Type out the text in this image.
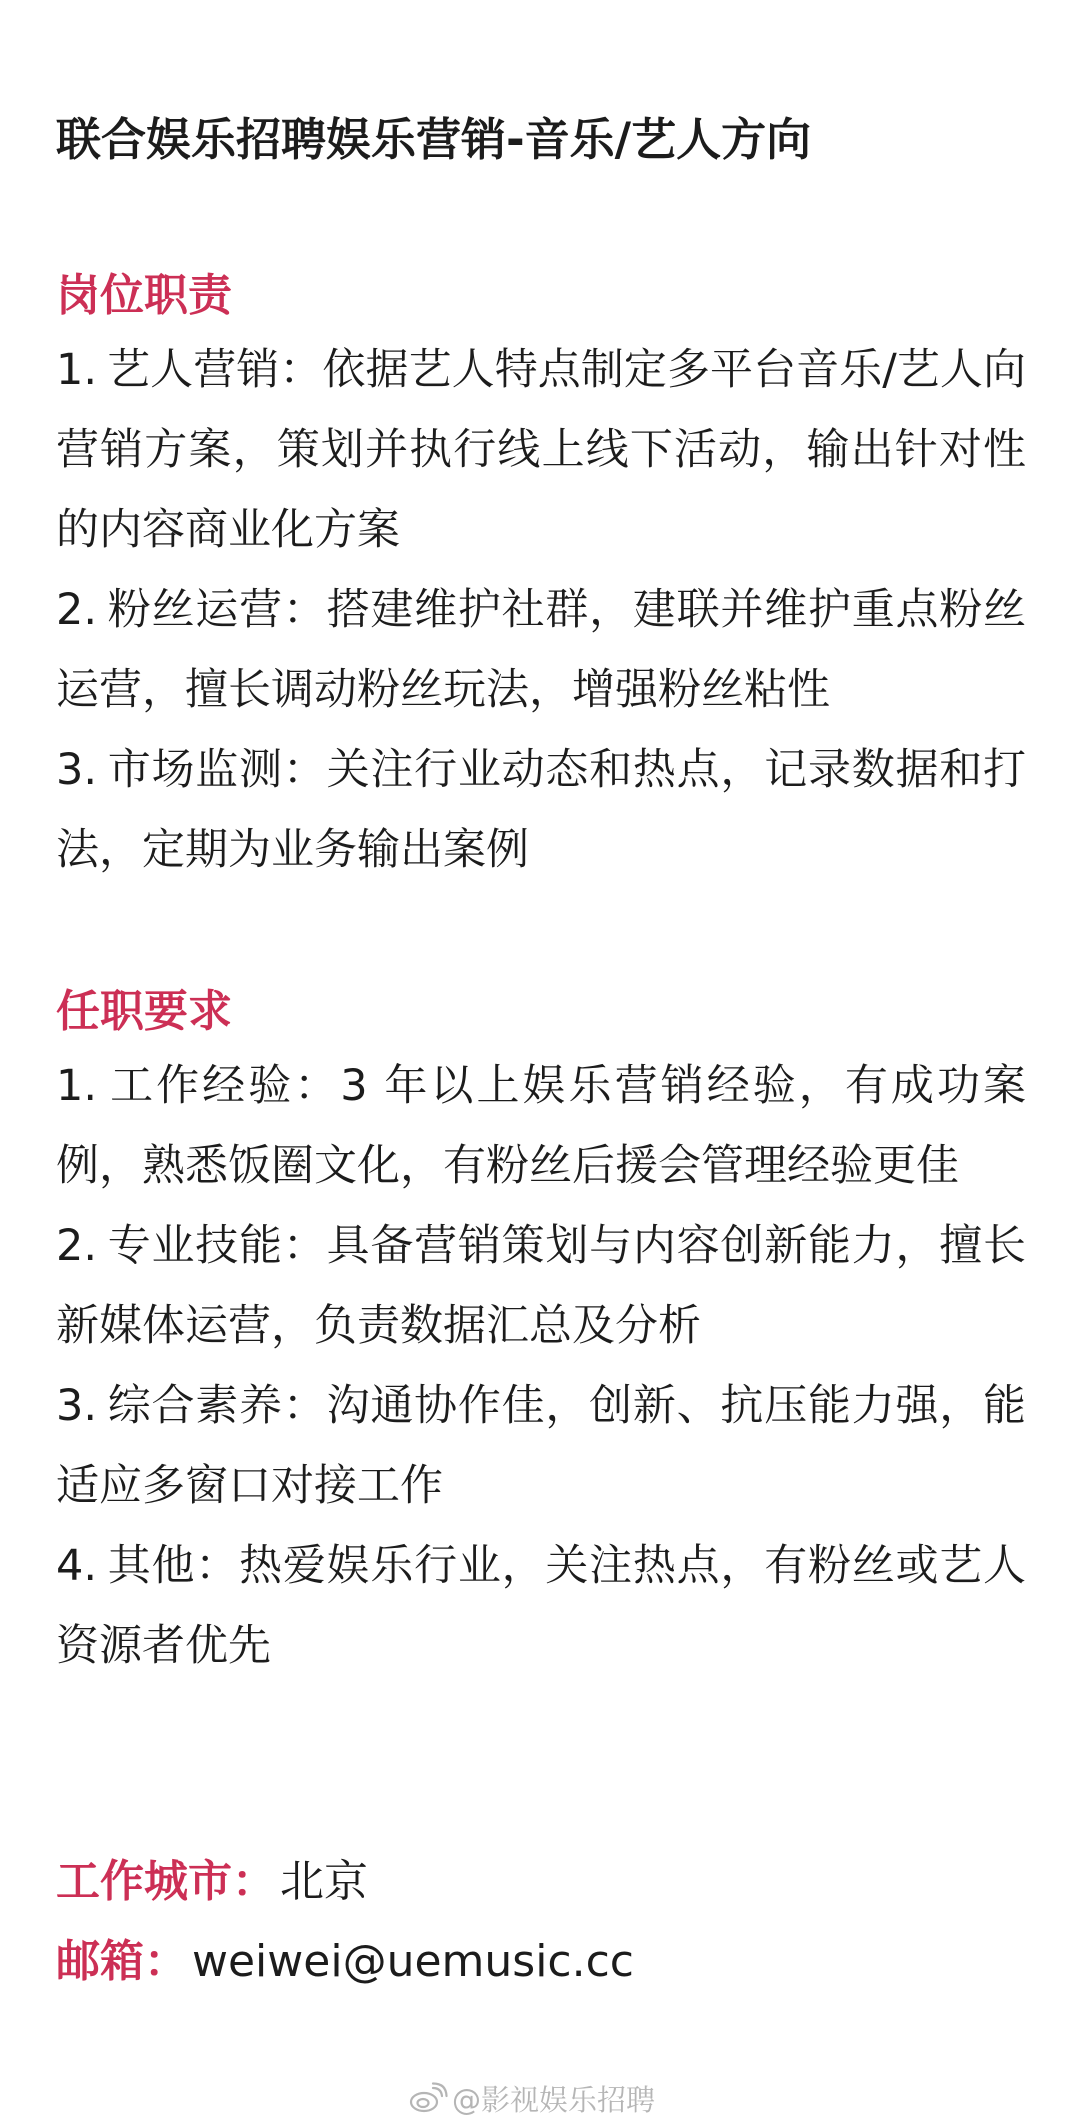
联合娱乐招聘娱乐营销-音乐/艺人方向
岗位职责
1. 艺人营销：依据艺人特点制定多平台音乐/艺人向营销方案，策划并执行线上线下活动，输出针对性的内容商业化方案
2. 粉丝运营：搭建维护社群，建联并维护重点粉丝运营，擅长调动粉丝玩法，增强粉丝粘性
3. 市场监测：关注行业动态和热点，记录数据和打法，定期为业务输出案例
任职要求
1. 工作经验：3 年以上娱乐营销经验，有成功案例，熟悉饭圈文化，有粉丝后援会管理经验更佳
2. 专业技能：具备营销策划与内容创新能力，擅长新媒体运营，负责数据汇总及分析
3. 综合素养：沟通协作佳，创新、抗压能力强，能适应多窗口对接工作
4. 其他：热爱娱乐行业，关注热点，有粉丝或艺人资源者优先
工作城市：北京
邮箱：weiwei@uemusic.cc
@影视娱乐招聘
